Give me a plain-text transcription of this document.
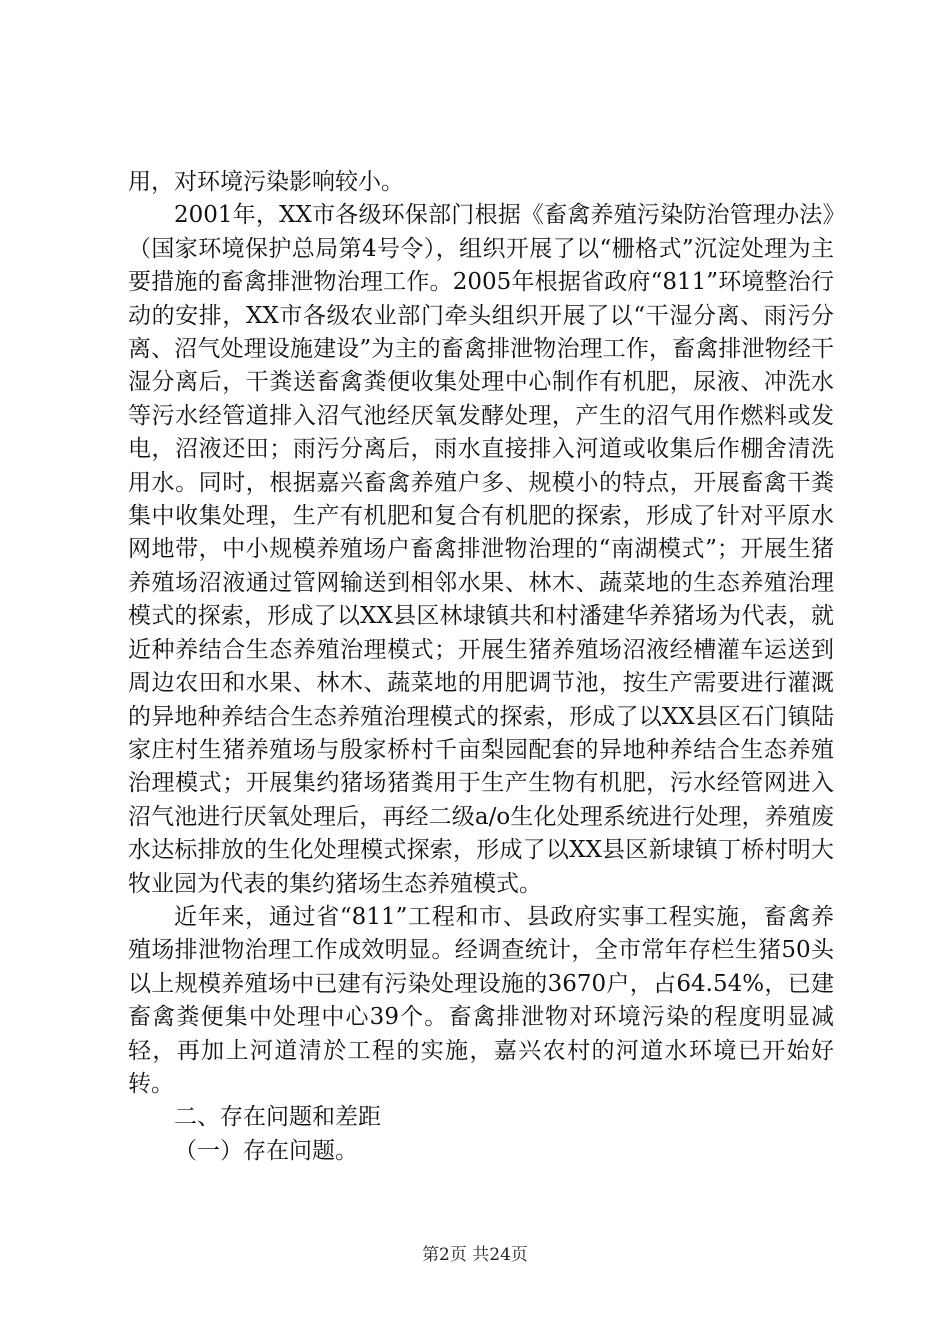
用，对环境污染影响较小。

2001年，XX市各级环保部门根据《畜禽养殖污染防治管理办法》（国家环境保护总局第4号令），组织开展了以“栅格式”沉淀处理为主要措施的畜禽排泄物治理工作。2005年根据省政府“811”环境整治行动的安排，XX市各级农业部门牵头组织开展了以“干湿分离、雨污分离、沼气处理设施建设”为主的畜禽排泄物治理工作，畜禽排泄物经干湿分离后，干粪送畜禽粪便收集处理中心制作有机肥，尿液、冲洗水等污水经管道排入沼气池经厌氧发酵处理，产生的沼气用作燃料或发电，沼液还田；雨污分离后，雨水直接排入河道或收集后作棚舍清洗用水。同时，根据嘉兴畜禽养殖户多、规模小的特点，开展畜禽干粪集中收集处理，生产有机肥和复合有机肥的探索，形成了针对平原水网地带，中小规模养殖场户畜禽排泄物治理的“南湖模式”；开展生猪养殖场沼液通过管网输送到相邻水果、林木、蔬菜地的生态养殖治理模式的探索，形成了以XX县区林埭镇共和村潘建华养猪场为代表，就近种养结合生态养殖治理模式；开展生猪养殖场沼液经槽灌车运送到周边农田和水果、林木、蔬菜地的用肥调节池，按生产需要进行灌溉的异地种养结合生态养殖治理模式的探索，形成了以XX县区石门镇陆家庄村生猪养殖场与殷家桥村千亩梨园配套的异地种养结合生态养殖治理模式；开展集约猪场猪粪用于生产生物有机肥，污水经管网进入沼气池进行厌氧处理后，再经二级a/o生化处理系统进行处理，养殖废水达标排放的生化处理模式探索，形成了以XX县区新埭镇丁桥村明大牧业园为代表的集约猪场生态养殖模式。

近年来，通过省“811”工程和市、县政府实事工程实施，畜禽养殖场排泄物治理工作成效明显。经调查统计，全市常年存栏生猪50头以上规模养殖场中已建有污染处理设施的3670户，占64.54%，已建畜禽粪便集中处理中心39个。畜禽排泄物对环境污染的程度明显减轻，再加上河道清於工程的实施，嘉兴农村的河道水环境已开始好转。

二、存在问题和差距

（一）存在问题。

第2页 共24页
